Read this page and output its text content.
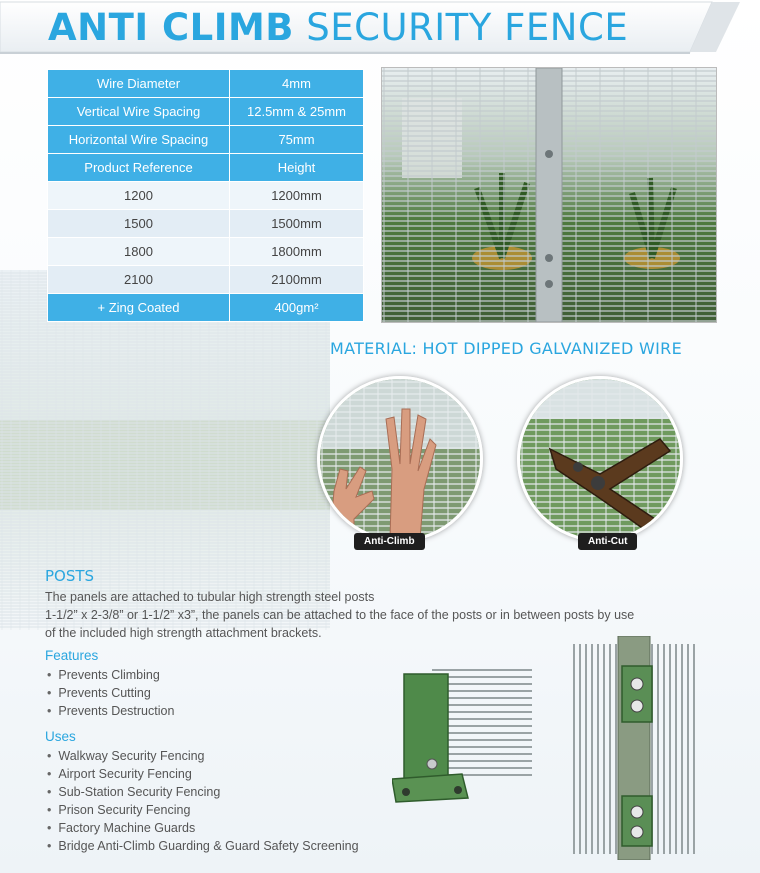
ANTI CLIMB SECURITY FENCE
Wire Diameter	4mm
Vertical Wire Spacing	12.5mm & 25mm
Horizontal Wire Spacing	75mm
Product Reference	Height
1200	1200mm
1500	1500mm
1800	1800mm
2100	2100mm
+ Zing Coated	400gm²
MATERIAL: HOT DIPPED GALVANIZED WIRE
Anti-Climb	Anti-Cut
POSTS
The panels are attached to tubular high strength steel posts
1-1/2” x 2-3/8” or 1-1/2” x3”, the panels can be attached to the face of the posts or in between posts by use
of the included high strength attachment brackets.
Features
• Prevents Climbing
• Prevents Cutting
• Prevents Destruction
Uses
• Walkway Security Fencing
• Airport Security Fencing
• Sub-Station Security Fencing
• Prison Security Fencing
• Factory Machine Guards
• Bridge Anti-Climb Guarding & Guard Safety Screening
